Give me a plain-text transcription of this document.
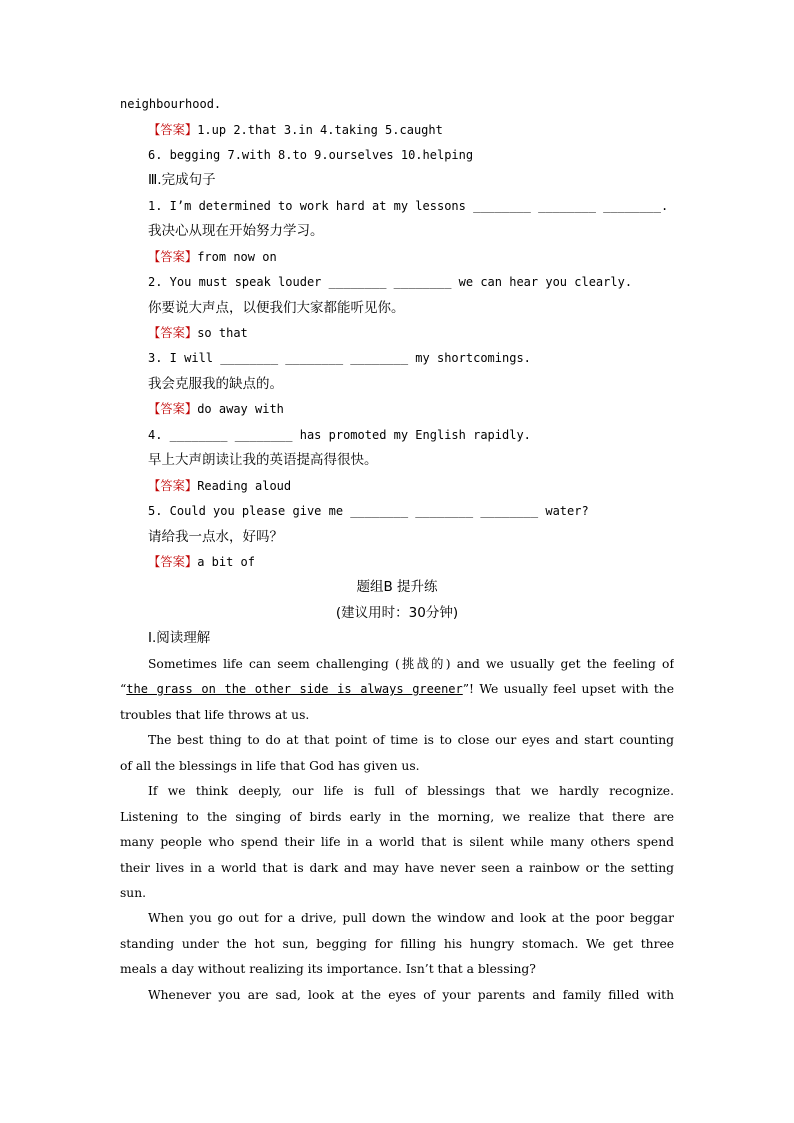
neighbourhood.
【答案】1.up 2.that 3.in 4.taking 5.caught
6. begging 7.with 8.to 9.ourselves 10.helping
Ⅲ.完成句子
1. I’m determined to work hard at my lessons ________ ________ ________.
我决心从现在开始努力学习。
【答案】from now on
2. You must speak louder ________ ________ we can hear you clearly.
你要说大声点，以便我们大家都能听见你。
【答案】so that
3. I will ________ ________ ________ my shortcomings.
我会克服我的缺点的。
【答案】do away with
4. ________ ________ has promoted my English rapidly.
早上大声朗读让我的英语提高得很快。
【答案】Reading aloud
5. Could you please give me ________ ________ ________ water?
请给我一点水，好吗？
【答案】a bit of
题组B 提升练
(建议用时：30分钟)
Ⅰ.阅读理解
Sometimes life can seem challenging (挑战的) and we usually get the feeling of
“the grass on the other side is always greener”! We usually feel upset with the
troubles that life throws at us.
The best thing to do at that point of time is to close our eyes and start counting
of all the blessings in life that God has given us.
If we think deeply, our life is full of blessings that we hardly recognize.
Listening to the singing of birds early in the morning, we realize that there are
many people who spend their life in a world that is silent while many others spend
their lives in a world that is dark and may have never seen a rainbow or the setting
sun.
When you go out for a drive, pull down the window and look at the poor beggar
standing under the hot sun, begging for filling his hungry stomach. We get three
meals a day without realizing its importance. Isn’t that a blessing?
Whenever you are sad, look at the eyes of your parents and family filled with
